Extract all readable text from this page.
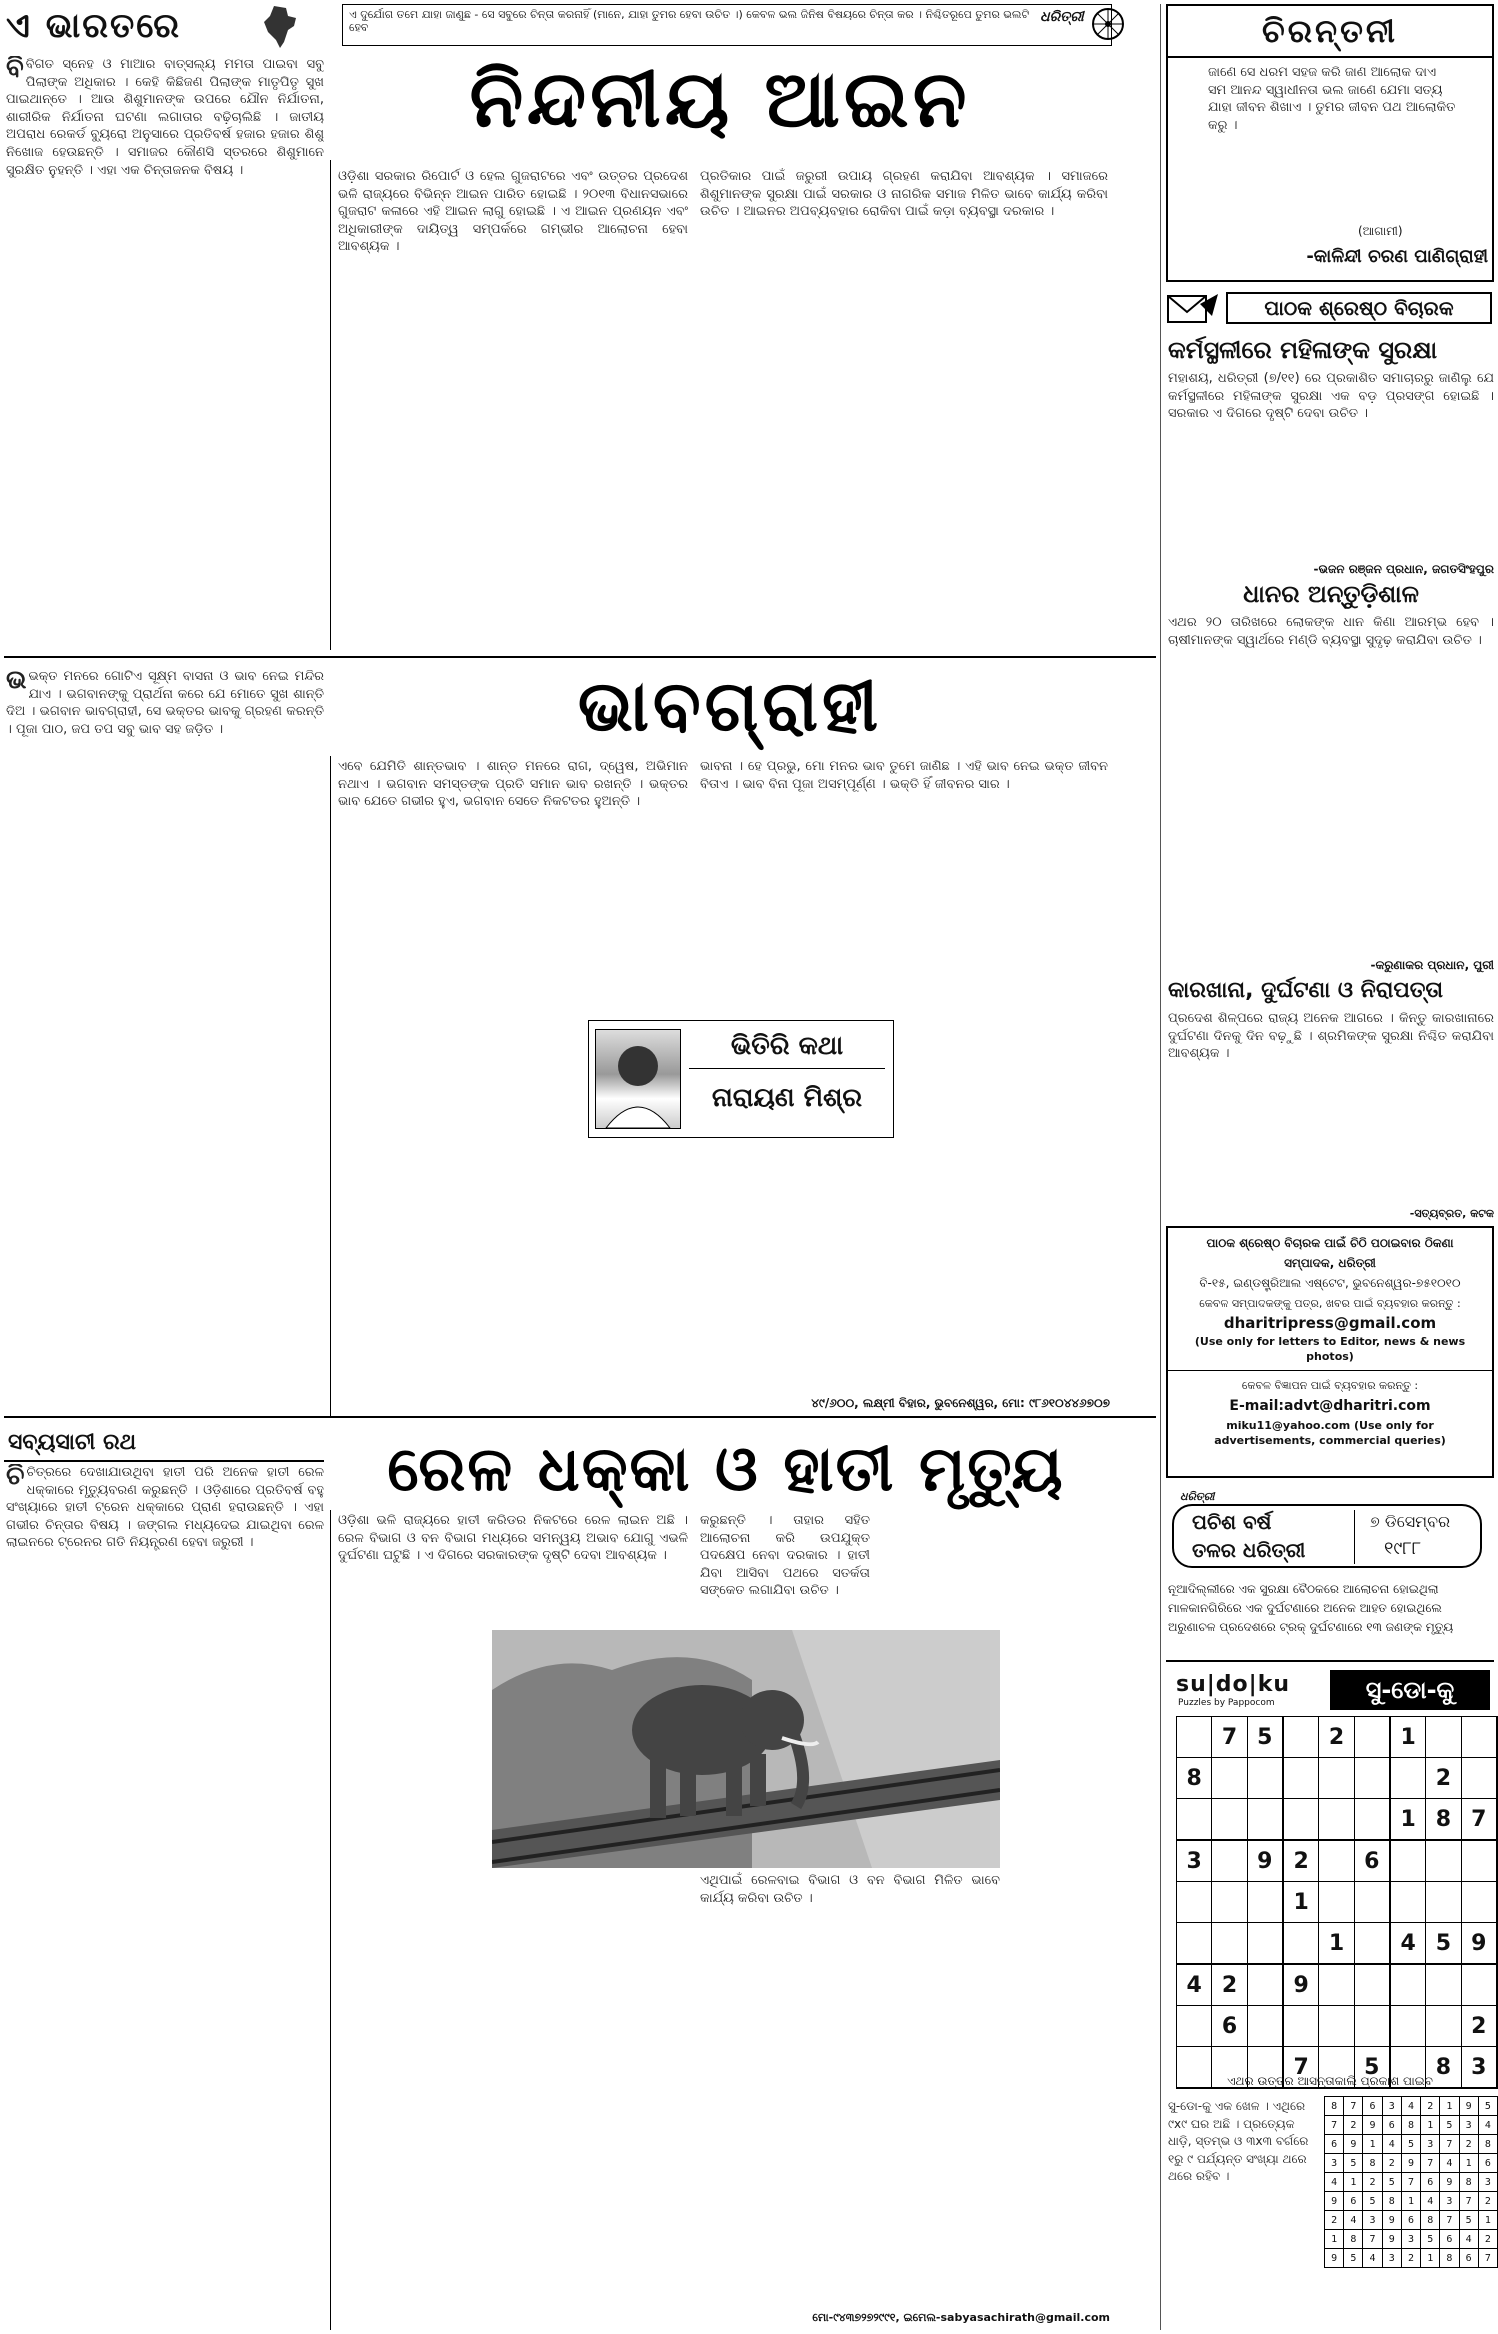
ଏ ଭାରତରେ	ଏ ଦୁର୍ଯୋଗ ତମେ ଯାହା ଜାଣୁଛ - ସେ ସବୁରେ ଚିନ୍ତା କରନାହିଁ (ମାନେ, ଯାହା ତୁମର ହେବା ଉଚିତ ।) କେବଳ ଭଲ ଜିନିଷ ବିଷୟରେ ଚିନ୍ତା କର । ନିଶ୍ଚିତରୂପେ ତୁମର ଭଲଟି ହେବ
ଧରିତ୍ରୀ
ନିନ୍ଦନୀୟ ଆଇନ
ବିବିଗତ ସ୍ନେହ ଓ ମାଆର ବାତ୍ସଲ୍ୟ ମମତା ପାଇବା ସବୁ ପିଲାଙ୍କ ଅଧିକାର । କେହି କିଛିଜଣ ପିଲାଙ୍କ ମାତୃପିତୃ ସୁଖ ପାଇଥାନ୍ତେ । ଆଉ ଶିଶୁମାନଙ୍କ ଉପରେ ଯୌନ ନିର୍ଯାତନା, ଶାରୀରିକ ନିର୍ଯାତନା ଘଟଣା ଲଗାତାର ବଢ଼ିଚାଲିଛି । ଜାତୀୟ ଅପରାଧ ରେକର୍ଡ ବ୍ୟୁରୋ ଅନୁସାରେ ପ୍ରତିବର୍ଷ ହଜାର ହଜାର ଶିଶୁ ନିଖୋଜ ହେଉଛନ୍ତି । ସମାଜର କୌଣସି ସ୍ତରରେ ଶିଶୁମାନେ ସୁରକ୍ଷିତ ନୁହନ୍ତି । ଏହା ଏକ ଚିନ୍ତାଜନକ ବିଷୟ ।	ଓଡ଼ିଶା ସରକାର ରିପୋର୍ଟ ଓ ହେଲ ଗୁଜରାଟରେ ଏବଂ ଉତ୍ତର ପ୍ରଦେଶ ଭଳି ରାଜ୍ୟରେ ବିଭିନ୍ନ ଆଇନ ପାରିତ ହୋଇଛି । ୨୦୧୩ ବିଧାନସଭାରେ ଗୁଜରାଟ କଳାରେ ଏହି ଆଇନ ଲାଗୁ ହୋଇଛି । ଏ ଆଇନ ପ୍ରଣୟନ ଏବଂ ଅଧିକାରୀଙ୍କ ଦାୟିତ୍ୱ ସମ୍ପର୍କରେ ଗମ୍ଭୀର ଆଲୋଚନା ହେବା ଆବଶ୍ୟକ ।
ପ୍ରତିକାର ପାଇଁ ଜରୁରୀ ଉପାୟ ଗ୍ରହଣ କରାଯିବା ଆବଶ୍ୟକ । ସମାଜରେ ଶିଶୁମାନଙ୍କ ସୁରକ୍ଷା ପାଇଁ ସରକାର ଓ ନାଗରିକ ସମାଜ ମିଳିତ ଭାବେ କାର୍ଯ୍ୟ କରିବା ଉଚିତ । ଆଇନର ଅପବ୍ୟବହାର ରୋକିବା ପାଇଁ କଡ଼ା ବ୍ୟବସ୍ଥା ଦରକାର ।
ଭାବଗ୍ରାହୀ
ଭଭକ୍ତ ମନରେ ଗୋଟିଏ ସୂକ୍ଷ୍ମ ବାସନା ଓ ଭାବ ନେଇ ମନ୍ଦିର ଯାଏ । ଭଗବାନଙ୍କୁ ପ୍ରାର୍ଥନା କରେ ଯେ ମୋତେ ସୁଖ ଶାନ୍ତି ଦିଅ । ଭଗବାନ ଭାବଗ୍ରାହୀ, ସେ ଭକ୍ତର ଭାବକୁ ଗ୍ରହଣ କରନ୍ତି । ପୂଜା ପାଠ, ଜପ ତପ ସବୁ ଭାବ ସହ ଜଡ଼ିତ ।
ଏବେ ଯେମିତି ଶାନ୍ତଭାବ । ଶାନ୍ତ ମନରେ ରାଗ, ଦ୍ୱେଷ, ଅଭିମାନ ନଥାଏ । ଭଗବାନ ସମସ୍ତଙ୍କ ପ୍ରତି ସମାନ ଭାବ ରଖନ୍ତି । ଭକ୍ତର ଭାବ ଯେତେ ଗଭୀର ହୁଏ, ଭଗବାନ ସେତେ ନିକଟତର ହୁଅନ୍ତି ।
ଭିତିରି କଥା
ନାରାୟଣ ମିଶ୍ର
ଭାବନା । ହେ ପ୍ରଭୁ, ମୋ ମନର ଭାବ ତୁମେ ଜାଣିଛ । ଏହି ଭାବ ନେଇ ଭକ୍ତ ଜୀବନ ବିତାଏ । ଭାବ ବିନା ପୂଜା ଅସମ୍ପୂର୍ଣ୍ଣ । ଭକ୍ତି ହିଁ ଜୀବନର ସାର ।
୪୯/୬୦୦, ଲକ୍ଷ୍ମୀ ବିହାର, ଭୁବନେଶ୍ୱର, ମୋ: ୯୮୬୧୦୪୪୬୭୦୭
ସବ୍ୟସାଚୀ ରଥ	ରେଳ ଧକ୍କା ଓ ହାତୀ ମୃତ୍ୟୁ
ଚିଚିତ୍ରରେ ଦେଖାଯାଉଥିବା ହାତୀ ପରି ଅନେକ ହାତୀ ରେଳ ଧକ୍କାରେ ମୃତ୍ୟୁବରଣ କରୁଛନ୍ତି । ଓଡ଼ିଶାରେ ପ୍ରତିବର୍ଷ ବହୁ ସଂଖ୍ୟାରେ ହାତୀ ଟ୍ରେନ ଧକ୍କାରେ ପ୍ରାଣ ହରାଉଛନ୍ତି । ଏହା ଗଭୀର ଚିନ୍ତାର ବିଷୟ । ଜଙ୍ଗଲ ମଧ୍ୟଦେଇ ଯାଇଥିବା ରେଳ ଲାଇନରେ ଟ୍ରେନର ଗତି ନିୟନ୍ତ୍ରଣ ହେବା ଜରୁରୀ ।
ଓଡ଼ିଶା ଭଳି ରାଜ୍ୟରେ ହାତୀ କରିଡର ନିକଟରେ ରେଳ ଲାଇନ ଅଛି । ରେଳ ବିଭାଗ ଓ ବନ ବିଭାଗ ମଧ୍ୟରେ ସମନ୍ୱୟ ଅଭାବ ଯୋଗୁ ଏଭଳି ଦୁର୍ଘଟଣା ଘଟୁଛି । ଏ ଦିଗରେ ସରକାରଙ୍କ ଦୃଷ୍ଟି ଦେବା ଆବଶ୍ୟକ ।
କରୁଛନ୍ତି । ତାହାର ସହିତ ଆଲୋଚନା କରି ଉପଯୁକ୍ତ ପଦକ୍ଷେପ ନେବା ଦରକାର । ହାତୀ ଯିବା ଆସିବା ପଥରେ ସତର୍କତା ସଙ୍କେତ ଲଗାଯିବା ଉଚିତ ।
ଏଥିପାଇଁ ରେଳବାଇ ବିଭାଗ ଓ ବନ ବିଭାଗ ମିଳିତ ଭାବେ କାର୍ଯ୍ୟ କରିବା ଉଚିତ ।
ମୋ-୯୪୩୭୨୭୨୯୯୧, ଇମେଲ-sabyasachirath@gmail.com
ଚିରନ୍ତନୀ
ଜାଣେ ସେ ଧରମ ସହଜ କରି ଜାଣ ଆଲୋକ ଦାଏ ସମ ଆନନ୍ଦ ସ୍ୱାଧୀନତା ଭଲ ଜାଣେ ଯେମା ସତ୍ୟ ଯାହା ଜୀବନ ଶିଖାଏ । ତୁମର ଜୀବନ ପଥ ଆଲୋକିତ କରୁ ।
(ଆଗାମୀ)
-କାଳିନ୍ଦୀ ଚରଣ ପାଣିଗ୍ରାହୀ
ପାଠକ ଶ୍ରେଷ୍ଠ ବିଚାରକ
କର୍ମସ୍ଥଳୀରେ ମହିଳାଙ୍କ ସୁରକ୍ଷା
ମହାଶୟ, ଧରିତ୍ରୀ (୭/୧୧) ରେ ପ୍ରକାଶିତ ସମାଚାରରୁ ଜାଣିଲୁ ଯେ କର୍ମସ୍ଥଳୀରେ ମହିଳାଙ୍କ ସୁରକ୍ଷା ଏକ ବଡ଼ ପ୍ରସଙ୍ଗ ହୋଇଛି । ସରକାର ଏ ଦିଗରେ ଦୃଷ୍ଟି ଦେବା ଉଚିତ ।
-ଭଜନ ରଞ୍ଜନ ପ୍ରଧାନ, ଜଗତସିଂହପୁର
ଧାନର ଅନ୍ତୁଡ଼ିଶାଳ
ଏଥର ୨୦ ତାରିଖରେ ଲୋକଙ୍କ ଧାନ କିଣା ଆରମ୍ଭ ହେବ । ଚାଷୀମାନଙ୍କ ସ୍ୱାର୍ଥରେ ମଣ୍ଡି ବ୍ୟବସ୍ଥା ସୁଦୃଢ଼ କରାଯିବା ଉଚିତ ।
-କରୁଣାକର ପ୍ରଧାନ, ପୁରୀ
କାରଖାନା, ଦୁର୍ଘଟଣା ଓ ନିରାପତ୍ତା
ପ୍ରଦେଶ ଶିଳ୍ପରେ ରାଜ୍ୟ ଅନେକ ଆଗରେ । କିନ୍ତୁ କାରଖାନାରେ ଦୁର୍ଘଟଣା ଦିନକୁ ଦିନ ବଢ଼ୁଛି । ଶ୍ରମିକଙ୍କ ସୁରକ୍ଷା ନିଶ୍ଚିତ କରାଯିବା ଆବଶ୍ୟକ ।
-ସତ୍ୟବ୍ରତ, କଟକ
ପାଠକ ଶ୍ରେଷ୍ଠ ବିଚାରକ ପାଇଁ ଚିଠି ପଠାଇବାର ଠିକଣା
ସମ୍ପାଦକ, ଧରିତ୍ରୀ
ବି-୧୫, ଇଣ୍ଡଷ୍ଟ୍ରିଆଲ ଏଷ୍ଟେଟ, ଭୁବନେଶ୍ୱର-୭୫୧୦୧୦
କେବଳ ସମ୍ପାଦକଙ୍କୁ ପତ୍ର, ଖବର ପାଇଁ ବ୍ୟବହାର କରନ୍ତୁ :
dharitripress@gmail.com
(Use only for letters to Editor, news & news photos)
କେବଳ ବିଜ୍ଞାପନ ପାଇଁ ବ୍ୟବହାର କରନ୍ତୁ :
E-mail:advt@dharitri.com
miku11@yahoo.com (Use only for advertisements, commercial queries)
ଧରିତ୍ରୀ
ପଚିଶ ବର୍ଷ
ତଳର ଧରିତ୍ରୀ
୭ ଡିସେମ୍ବର
୧୯୮୮
ନୂଆଦିଲ୍ଲୀରେ ଏକ ସୁରକ୍ଷା ବୈଠକରେ ଆଲୋଚନା ହୋଇଥିଲା
ମାଳକାନଗିରିରେ ଏକ ଦୁର୍ଘଟଣାରେ ଅନେକ ଆହତ ହୋଇଥିଲେ
ଅରୁଣାଚଳ ପ୍ରଦେଶରେ ଟ୍ରକ୍ ଦୁର୍ଘଟଣାରେ ୧୩ ଜଣଙ୍କ ମୃତ୍ୟୁ
su|do|ku
Puzzles by Pappocom	ସୁ-ଡୋ-କୁ
	7	5		2		1		
8							2	
						1	8	7
3		9	2		6			
			1					
				1		4	5	9
4	2		9					
	6							2
			7		5		8	3
ଏଥର ଉତ୍ତର ଆସନ୍ତାକାଲି ପ୍ରକାଶ ପାଇବ
ସୁ-ଡୋ-କୁ ଏକ ଖେଳ । ଏଥିରେ ୯x୯ ଘର ଅଛି । ପ୍ରତ୍ୟେକ ଧାଡ଼ି, ସ୍ତମ୍ଭ ଓ ୩x୩ ବର୍ଗରେ ୧ରୁ ୯ ପର୍ଯ୍ୟନ୍ତ ସଂଖ୍ୟା ଥରେ ଥରେ ରହିବ ।
8	7	6	3	4	2	1	9	5
7	2	9	6	8	1	5	3	4
6	9	1	4	5	3	7	2	8
3	5	8	2	9	7	4	1	6
4	1	2	5	7	6	9	8	3
9	6	5	8	1	4	3	7	2
2	4	3	9	6	8	7	5	1
1	8	7	9	3	5	6	4	2
9	5	4	3	2	1	8	6	7
